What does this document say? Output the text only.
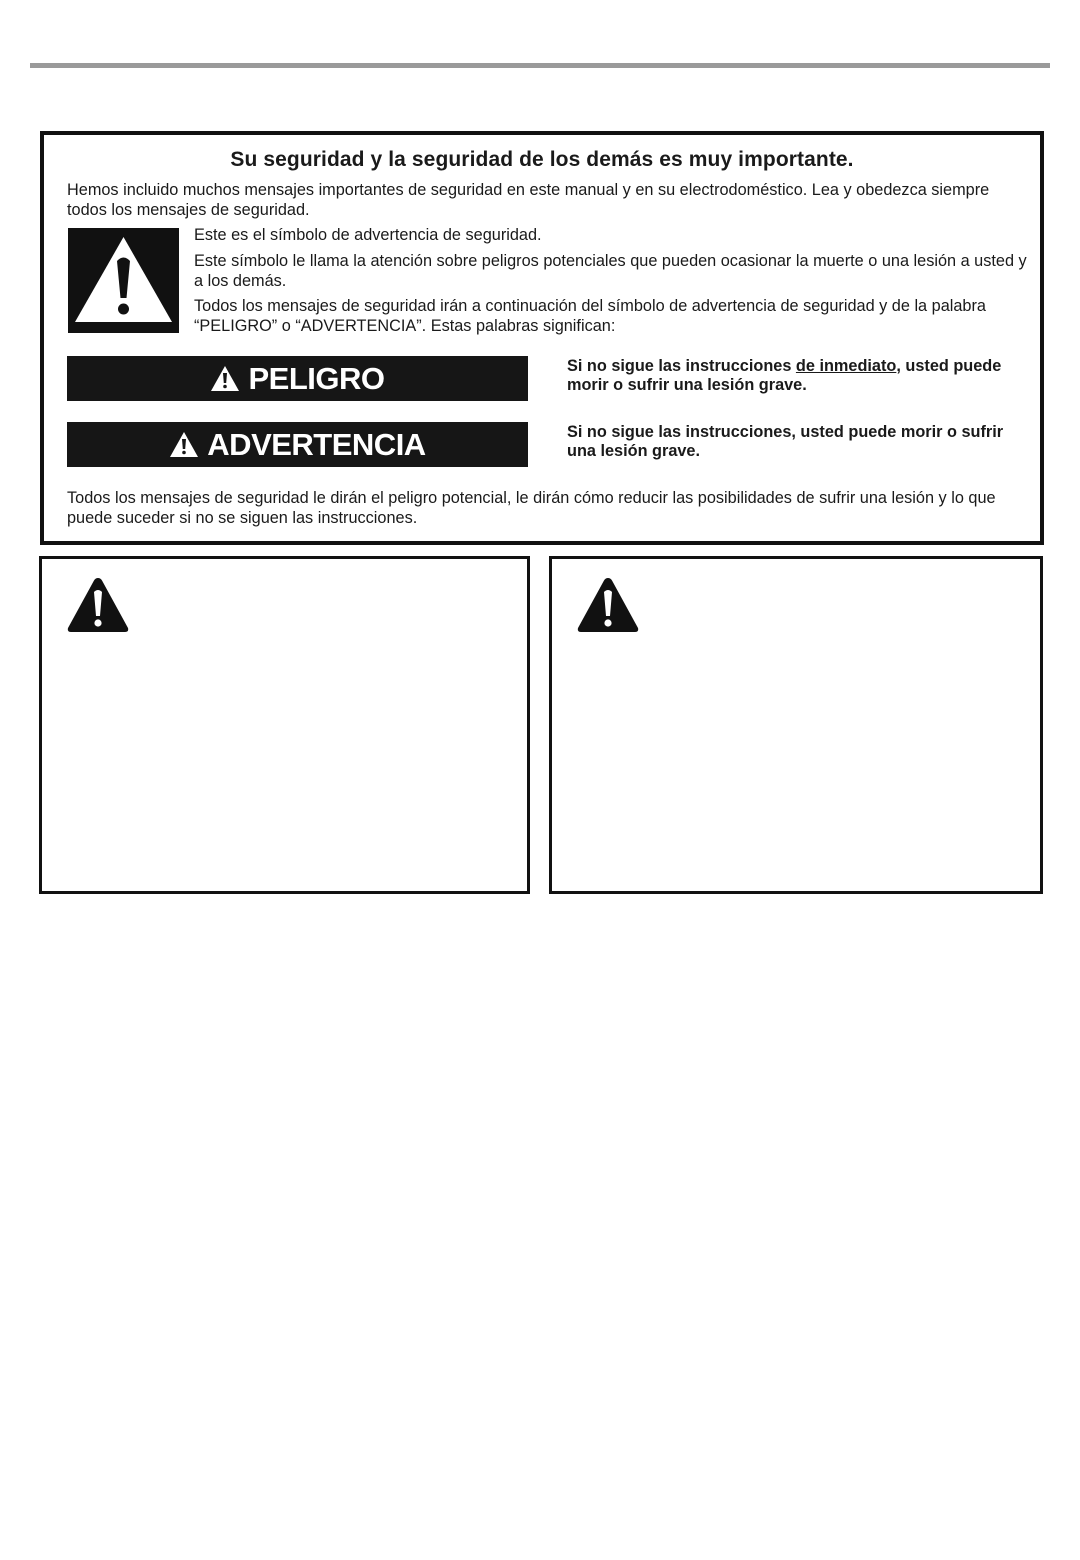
Su seguridad y la seguridad de los demás es muy importante.
Hemos incluido muchos mensajes importantes de seguridad en este manual y en su electrodoméstico. Lea y obedezca siempre todos los mensajes de seguridad.
Este es el símbolo de advertencia de seguridad.
Este símbolo le llama la atención sobre peligros potenciales que pueden ocasionar la muerte o una lesión a usted y a los demás.
Todos los mensajes de seguridad irán a continuación del símbolo de advertencia de seguridad y de la palabra “PELIGRO” o “ADVERTENCIA”. Estas palabras significan:
PELIGRO	Si no sigue las instrucciones de inmediato, usted puede morir o sufrir una lesión grave.
ADVERTENCIA	Si no sigue las instrucciones, usted puede morir o sufrir una lesión grave.
Todos los mensajes de seguridad le dirán el peligro potencial, le dirán cómo reducir las posibilidades de sufrir una lesión y lo que puede suceder si no se siguen las instrucciones.
